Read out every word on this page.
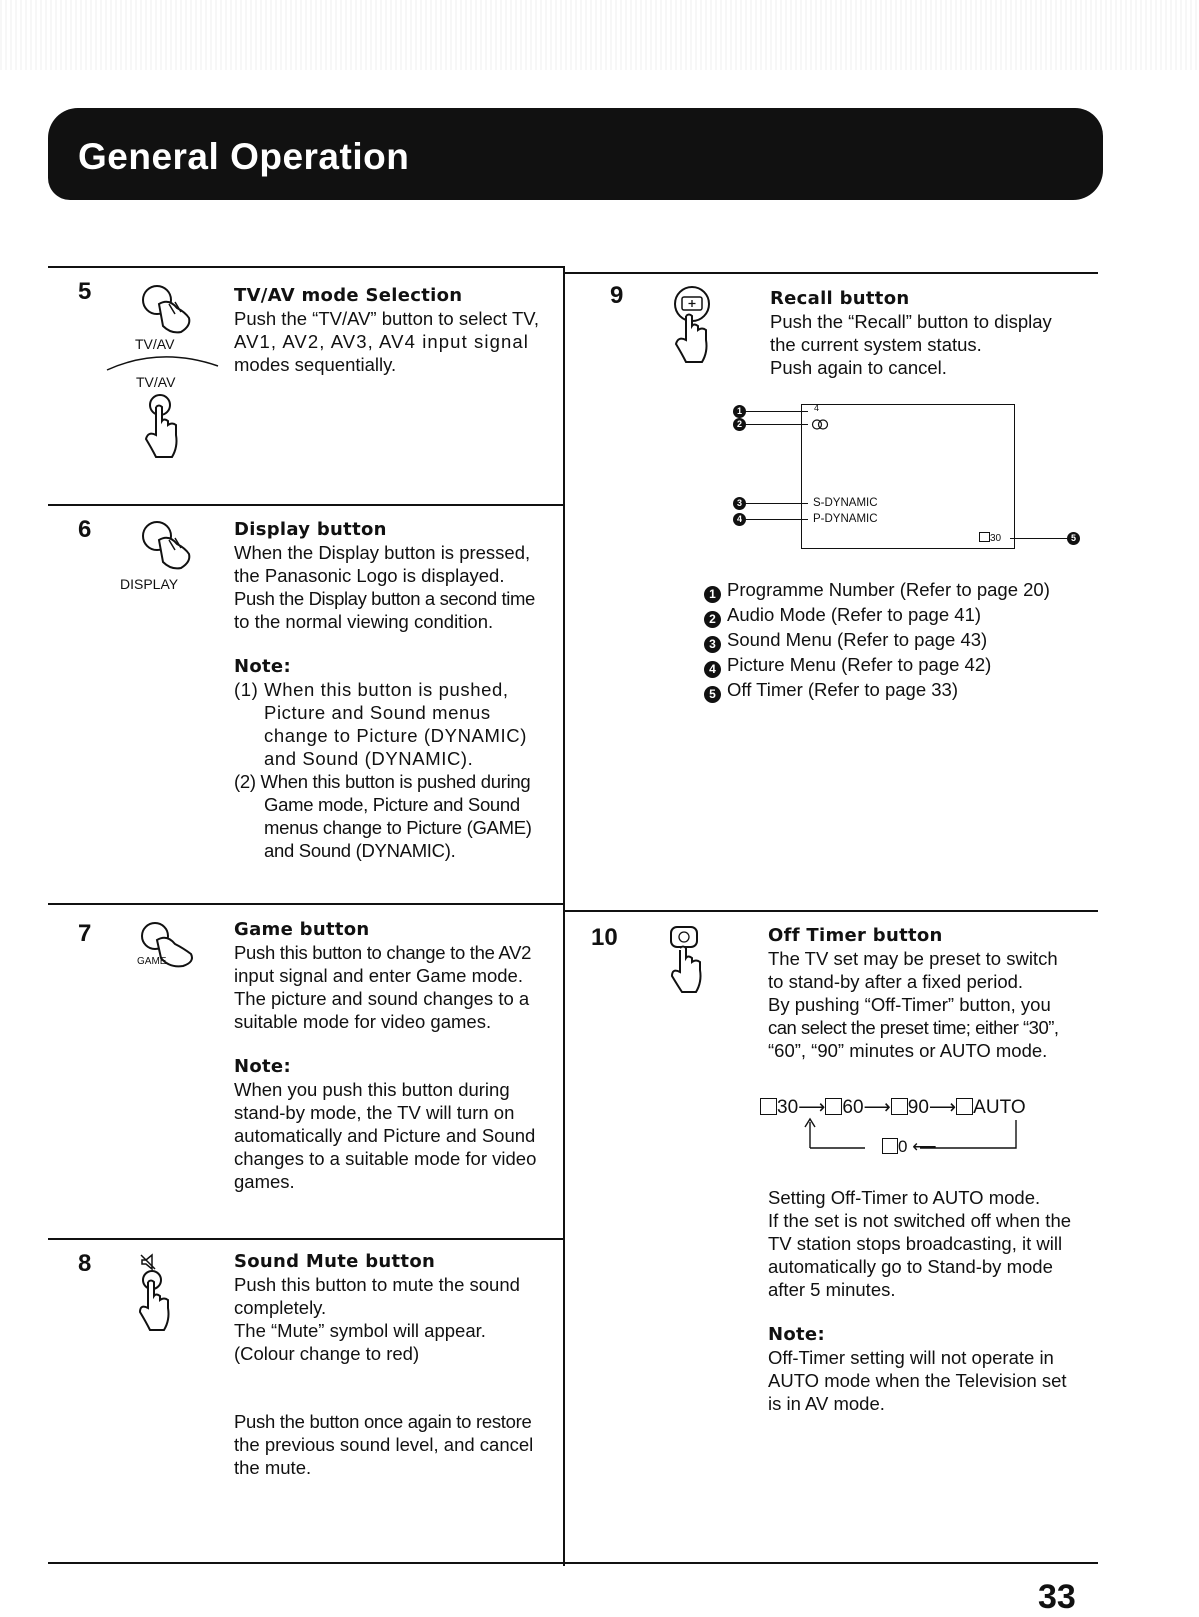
General Operation
5
TV/AV
TV/AV

TV/AV mode Selection

Push the “TV/AV” button to select TV,

AV1, AV2, AV3, AV4 input signal

modes sequentially.

6
DISPLAY

Display button

When the Display button is pressed,

the Panasonic Logo is displayed.

Push the Display button a second time

to the normal viewing condition.

Note:

(1) When this button is pushed, Picture and Sound menus change to Picture (DYNAMIC) and Sound (DYNAMIC).

(2) When this button is pushed during Game mode, Picture and Sound menus change to Picture (GAME) and Sound (DYNAMIC).

7
GAME

Game button

Push this button to change to the AV2

input signal and enter Game mode.

The picture and sound changes to a

suitable mode for video games.

Note:

When you push this button during

stand-by mode, the TV will turn on

automatically and Picture and Sound

changes to a suitable mode for video

games.

8	Sound Mute button

Push this button to mute the sound

completely.

The “Mute” symbol will appear.

(Colour change to red)

Push the button once again to restore

the previous sound level, and cancel

the mute.

9	Recall button

Push the “Recall” button to display

the current system status.

Push again to cancel.

1
2
3
4
5
4
S-DYNAMIC
P-DYNAMIC
30
1 Programme Number (Refer to page 20)
2 Audio Mode (Refer to page 41)
3 Sound Menu (Refer to page 43)
4 Picture Menu (Refer to page 42)
5 Off Timer (Refer to page 33)
10	Off Timer button

The TV set may be preset to switch

to stand-by after a fixed period.

By pushing “Off-Timer” button, you

can select the preset time; either “30”,

“60”, “90” minutes or AUTO mode.

30⟶ 60⟶ 90⟶ AUTO
0 ⟵

Setting Off-Timer to AUTO mode.

If the set is not switched off when the

TV station stops broadcasting, it will

automatically go to Stand-by mode

after 5 minutes.

Note:

Off-Timer setting will not operate in

AUTO mode when the Television set

is in AV mode.

33
